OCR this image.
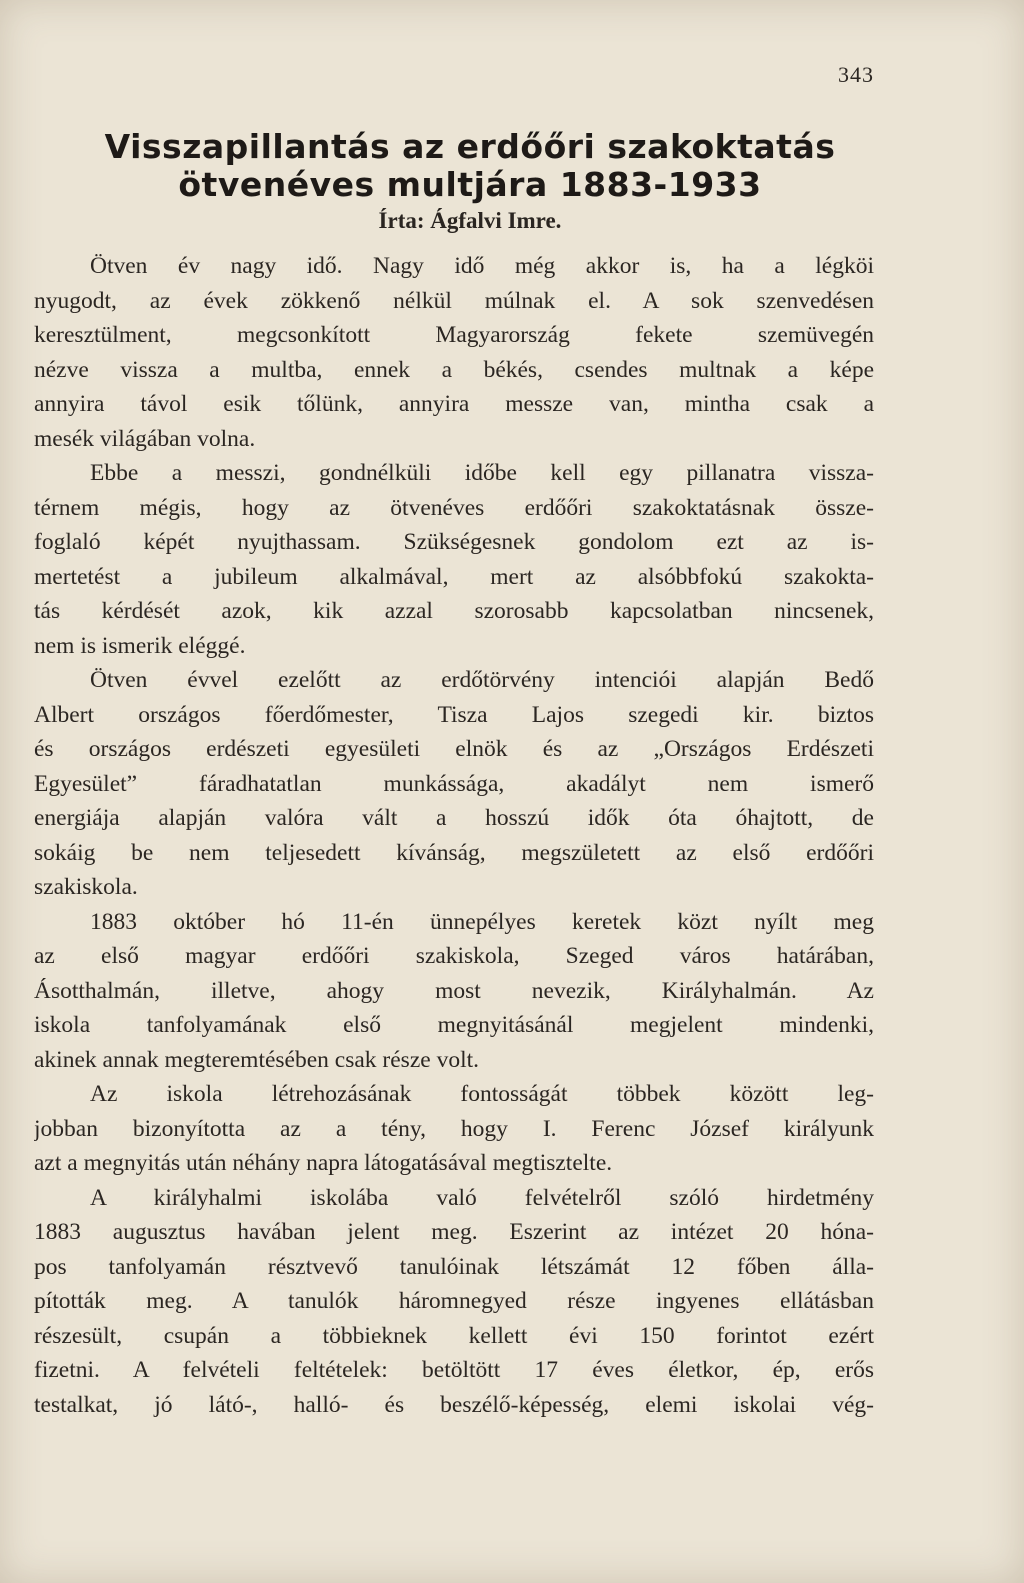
343
Visszapillantás az erdőőri szakoktatás
ötvenéves multjára 1883-1933
Írta: Ágfalvi Imre.
Ötven év nagy idő. Nagy idő még akkor is, ha a légköi
nyugodt, az évek zökkenő nélkül múlnak el. A sok szenvedésen
keresztülment, megcsonkított Magyarország fekete szemüvegén
nézve vissza a multba, ennek a békés, csendes multnak a képe
annyira távol esik tőlünk, annyira messze van, mintha csak a
mesék világában volna.
Ebbe a messzi, gondnélküli időbe kell egy pillanatra vissza-
térnem mégis, hogy az ötvenéves erdőőri szakoktatásnak össze-
foglaló képét nyujthassam. Szükségesnek gondolom ezt az is-
mertetést a jubileum alkalmával, mert az alsóbbfokú szakokta-
tás kérdését azok, kik azzal szorosabb kapcsolatban nincsenek,
nem is ismerik eléggé.
Ötven évvel ezelőtt az erdőtörvény intenciói alapján Bedő
Albert országos főerdőmester, Tisza Lajos szegedi kir. biztos
és országos erdészeti egyesületi elnök és az „Országos Erdészeti
Egyesület” fáradhatatlan munkássága, akadályt nem ismerő
energiája alapján valóra vált a hosszú idők óta óhajtott, de
sokáig be nem teljesedett kívánság, megszületett az első erdőőri
szakiskola.
1883 október hó 11-én ünnepélyes keretek közt nyílt meg
az első magyar erdőőri szakiskola, Szeged város határában,
Ásotthalmán, illetve, ahogy most nevezik, Királyhalmán. Az
iskola tanfolyamának első megnyitásánál megjelent mindenki,
akinek annak megteremtésében csak része volt.
Az iskola létrehozásának fontosságát többek között leg-
jobban bizonyította az a tény, hogy I. Ferenc József királyunk
azt a megnyitás után néhány napra látogatásával megtisztelte.
A királyhalmi iskolába való felvételről szóló hirdetmény
1883 augusztus havában jelent meg. Eszerint az intézet 20 hóna-
pos tanfolyamán résztvevő tanulóinak létszámát 12 főben álla-
pították meg. A tanulók háromnegyed része ingyenes ellátásban
részesült, csupán a többieknek kellett évi 150 forintot ezért
fizetni. A felvételi feltételek: betöltött 17 éves életkor, ép, erős
testalkat, jó látó-, halló- és beszélő-képesség, elemi iskolai vég-
